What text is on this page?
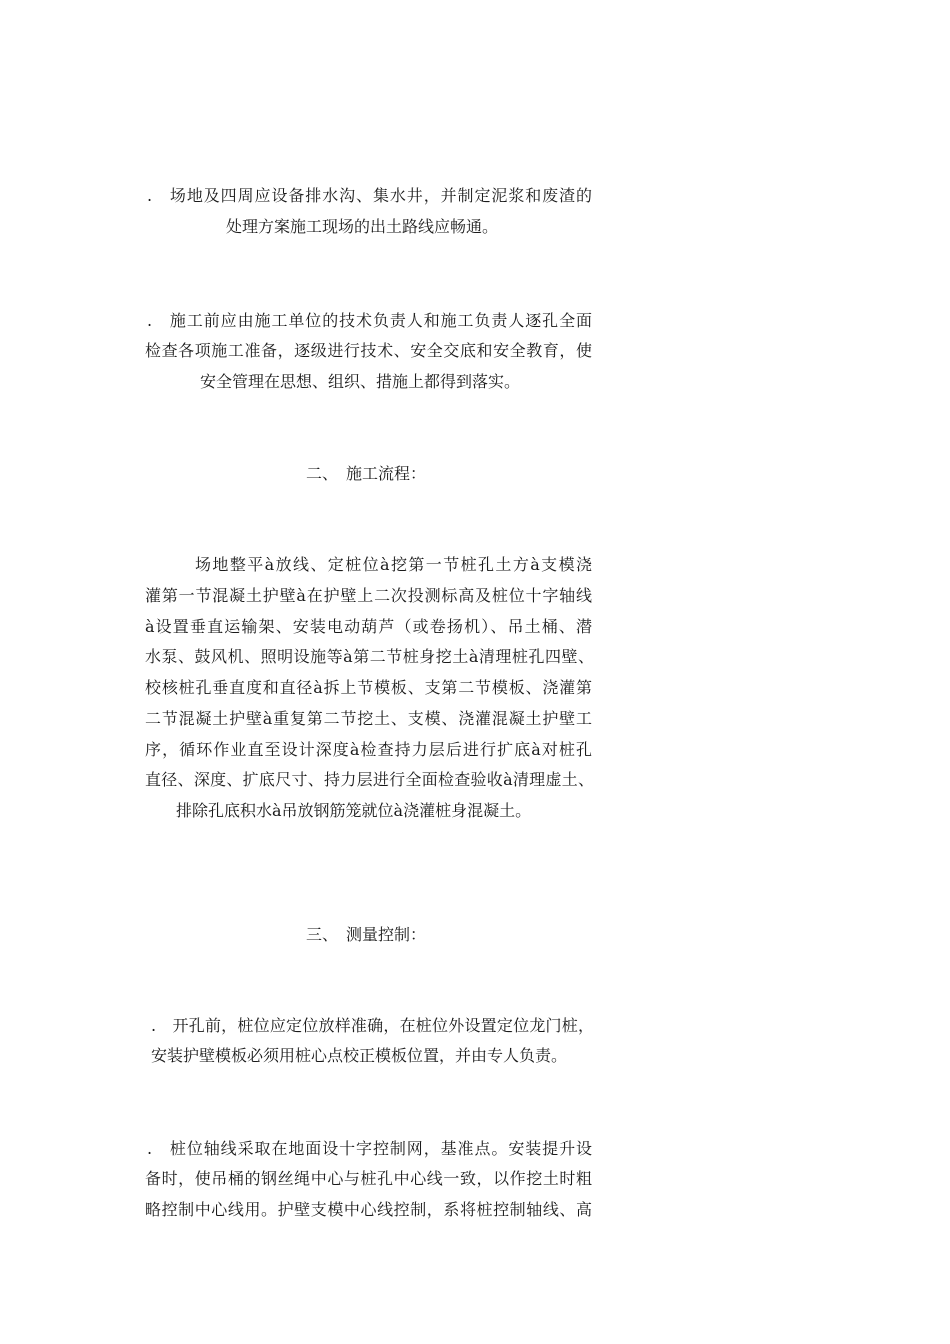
.　场地及四周应设备排水沟、集水井，并制定泥浆和废渣的
处理方案施工现场的出土路线应畅通。
.　施工前应由施工单位的技术负责人和施工负责人逐孔全面
检查各项施工准备，逐级进行技术、安全交底和安全教育，使
安全管理在思想、组织、措施上都得到落实。
二、　施工流程：
场地整平à放线、定桩位à挖第一节桩孔土方à支模浇
灌第一节混凝土护壁à在护壁上二次投测标高及桩位十字轴线
à设置垂直运输架、安装电动葫芦（或卷扬机）、吊土桶、潜
水泵、鼓风机、照明设施等à第二节桩身挖土à清理桩孔四壁、
校核桩孔垂直度和直径à拆上节模板、支第二节模板、浇灌第
二节混凝土护壁à重复第二节挖土、支模、浇灌混凝土护壁工
序，循环作业直至设计深度à检查持力层后进行扩底à对桩孔
直径、深度、扩底尺寸、持力层进行全面检查验收à清理虚土、
排除孔底积水à吊放钢筋笼就位à浇灌桩身混凝土。
三、　测量控制：
.　开孔前，桩位应定位放样准确，在桩位外设置定位龙门桩，
安装护壁模板必须用桩心点校正模板位置，并由专人负责。
.　桩位轴线采取在地面设十字控制网，基准点。安装提升设
备时，使吊桶的钢丝绳中心与桩孔中心线一致，以作挖土时粗
略控制中心线用。护壁支模中心线控制，系将桩控制轴线、高
